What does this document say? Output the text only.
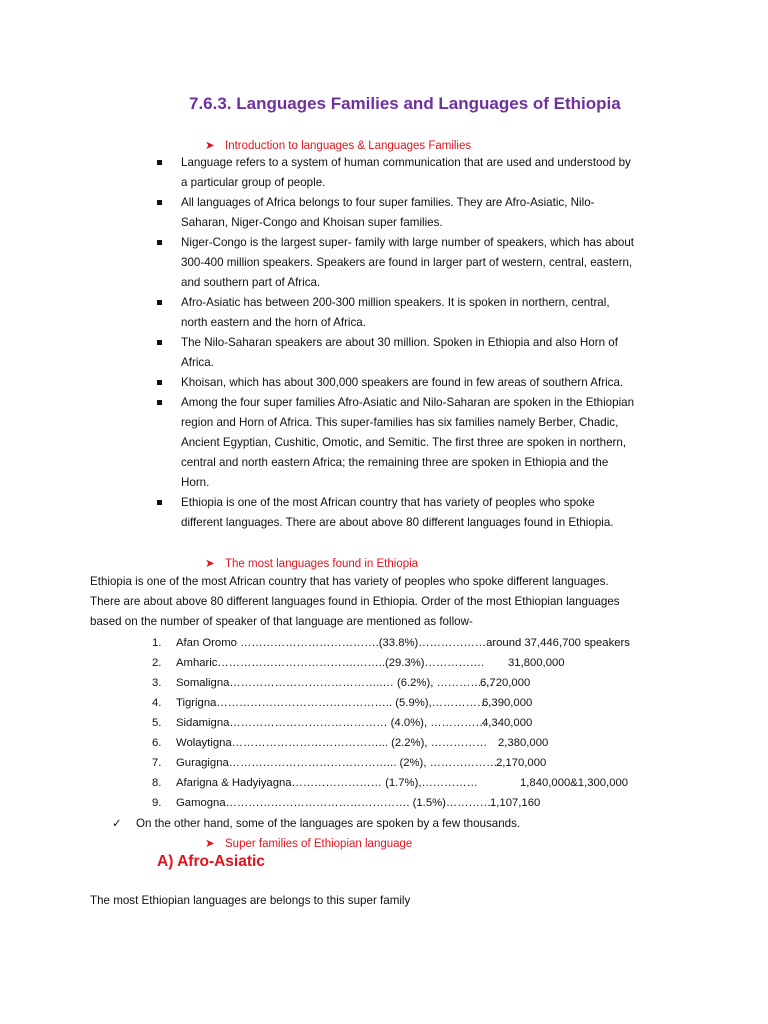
7.6.3. Languages Families and Languages of Ethiopia
➤ Introduction to languages & Languages Families
Language refers to a system of human communication that are used and understood by
a particular group of people.
All languages of Africa belongs to four super families. They are Afro-Asiatic, Nilo-
Saharan, Niger-Congo and Khoisan super families.
Niger-Congo is the largest super- family with large number of speakers, which has about
300-400 million speakers. Speakers are found in larger part of western, central, eastern,
and southern part of Africa.
Afro-Asiatic has between 200-300 million speakers. It is spoken in northern, central,
north eastern and the horn of Africa.
The Nilo-Saharan speakers are about 30 million. Spoken in Ethiopia and also Horn of
Africa.
Khoisan, which has about 300,000 speakers are found in few areas of southern Africa.
Among the four super families Afro-Asiatic and Nilo-Saharan are spoken in the Ethiopian
region and Horn of Africa. This super-families has six families namely Berber, Chadic,
Ancient Egyptian, Cushitic, Omotic, and Semitic. The first three are spoken in northern,
central and north eastern Africa; the remaining three are spoken in Ethiopia and the
Horn.
Ethiopia is one of the most African country that has variety of peoples who spoke
different languages. There are about above 80 different languages found in Ethiopia.
➤ The most languages found in Ethiopia
Ethiopia is one of the most African country that has variety of peoples who spoke different languages.
There are about above 80 different languages found in Ethiopia. Order of the most Ethiopian languages
based on the number of speaker of that language are mentioned as follow-
1. Afan Oromo ……………………………….(33.8%)………………around 37,446,700 speakers
2. Amharic……………………………….……..(29.3%)……………. 31,800,000
3. Somaligna…………………………………..… (6.2%), ……………
6,720,000
4. Tigrigna……………………………………….. (5.9%),…………….
6,390,000
5. Sidamigna…………………………………… (4.0%), ……………
4,340,000
6. Wolaytigna…………………………………... (2.2%), …………… 2,380,000
7. Guragigna……………………………………... (2%), ………………
2,170,000
8. Afarigna & Hadyiyagna…………………… (1.7%),……………	1,840,000&1,300,000
9. Gamogna…………………………………………. (1.5%)………….
1,107,160
✓ On the other hand, some of the languages are spoken by a few thousands.
➤ Super families of Ethiopian language
A) Afro-Asiatic
The most Ethiopian languages are belongs to this super family
